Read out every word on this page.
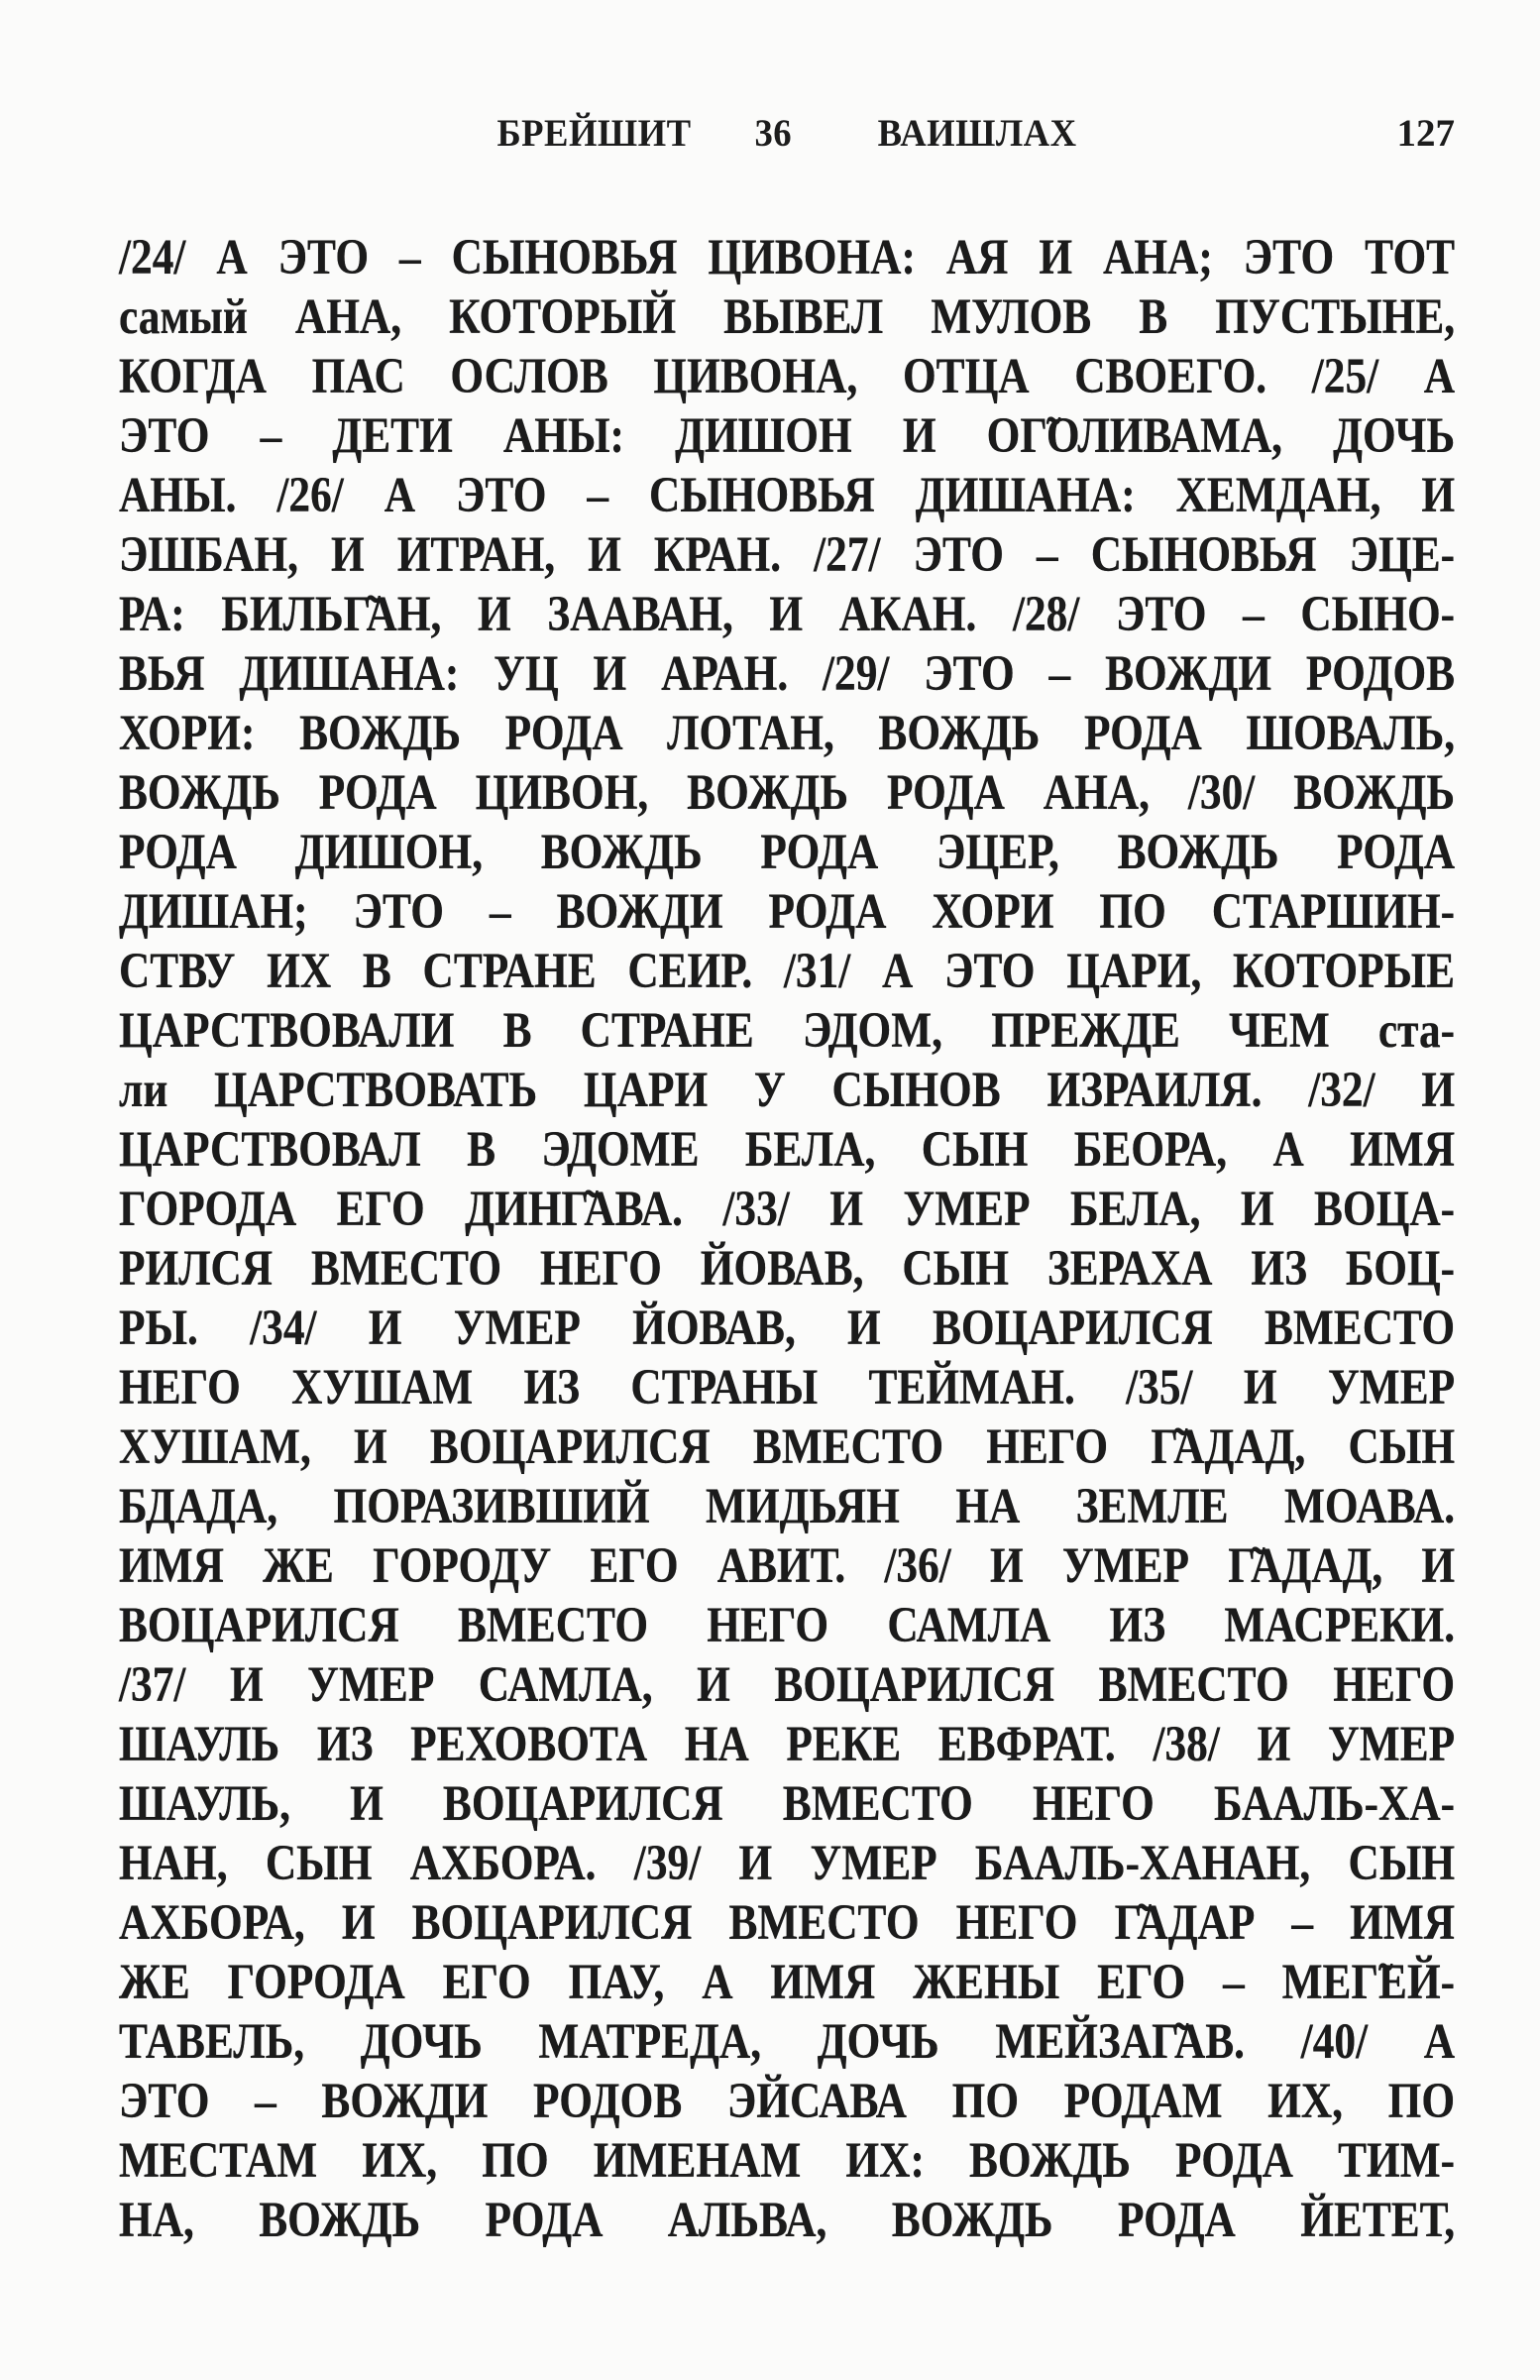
БРЕЙШИТ 36 ВАИШЛАХ	127

/24/ А ЭТО – СЫНОВЬЯ ЦИВОНА: АЯ И АНА; ЭТО ТОТ

самый АНА, КОТОРЫЙ ВЫВЕЛ МУЛОВ В ПУСТЫНЕ,

КОГДА ПАС ОСЛОВ ЦИВОНА, ОТЦА СВОЕГО. /25/ А

ЭТО – ДЕТИ АНЫ: ДИШОН И ОГ̃ОЛИВАМА, ДОЧЬ

АНЫ. /26/ А ЭТО – СЫНОВЬЯ ДИШАНА: ХЕМДАН, И

ЭШБАН, И ИТРАН, И КРАН. /27/ ЭТО – СЫНОВЬЯ ЭЦЕ-

РА: БИЛЬГ̃АН, И ЗААВАН, И АКАН. /28/ ЭТО – СЫНО-

ВЬЯ ДИШАНА: УЦ И АРАН. /29/ ЭТО – ВОЖДИ РОДОВ

ХОРИ: ВОЖДЬ РОДА ЛОТАН, ВОЖДЬ РОДА ШОВАЛЬ,

ВОЖДЬ РОДА ЦИВОН, ВОЖДЬ РОДА АНА, /30/ ВОЖДЬ

РОДА ДИШОН, ВОЖДЬ РОДА ЭЦЕР, ВОЖДЬ РОДА

ДИШАН; ЭТО – ВОЖДИ РОДА ХОРИ ПО СТАРШИН-

СТВУ ИХ В СТРАНЕ СЕИР. /31/ А ЭТО ЦАРИ, КОТОРЫЕ

ЦАРСТВОВАЛИ В СТРАНЕ ЭДОМ, ПРЕЖДЕ ЧЕМ ста-

ли ЦАРСТВОВАТЬ ЦАРИ У СЫНОВ ИЗРАИЛЯ. /32/ И

ЦАРСТВОВАЛ В ЭДОМЕ БЕЛА, СЫН БЕОРА, А ИМЯ

ГОРОДА ЕГО ДИНГ̃АВА. /33/ И УМЕР БЕЛА, И ВОЦА-

РИЛСЯ ВМЕСТО НЕГО ЙОВАВ, СЫН ЗЕРАХА ИЗ БОЦ-

РЫ. /34/ И УМЕР ЙОВАВ, И ВОЦАРИЛСЯ ВМЕСТО

НЕГО ХУШАМ ИЗ СТРАНЫ ТЕЙМАН. /35/ И УМЕР

ХУШАМ, И ВОЦАРИЛСЯ ВМЕСТО НЕГО Г̃АДАД, СЫН

БДАДА, ПОРАЗИВШИЙ МИДЬЯН НА ЗЕМЛЕ МОАВА.

ИМЯ ЖЕ ГОРОДУ ЕГО АВИТ. /36/ И УМЕР Г̃АДАД, И

ВОЦАРИЛСЯ ВМЕСТО НЕГО САМЛА ИЗ МАСРЕКИ.

/37/ И УМЕР САМЛА, И ВОЦАРИЛСЯ ВМЕСТО НЕГО

ШАУЛЬ ИЗ РЕХОВОТА НА РЕКЕ ЕВФРАТ. /38/ И УМЕР

ШАУЛЬ, И ВОЦАРИЛСЯ ВМЕСТО НЕГО БААЛЬ-ХА-

НАН, СЫН АХБОРА. /39/ И УМЕР БААЛЬ-ХАНАН, СЫН

АХБОРА, И ВОЦАРИЛСЯ ВМЕСТО НЕГО Г̃АДАР – ИМЯ

ЖЕ ГОРОДА ЕГО ПАУ, А ИМЯ ЖЕНЫ ЕГО – МЕГ̃ЕЙ-

ТАВЕЛЬ, ДОЧЬ МАТРЕДА, ДОЧЬ МЕЙЗАГ̃АВ. /40/ А

ЭТО – ВОЖДИ РОДОВ ЭЙСАВА ПО РОДАМ ИХ, ПО

МЕСТАМ ИХ, ПО ИМЕНАМ ИХ: ВОЖДЬ РОДА ТИМ-

НА, ВОЖДЬ РОДА АЛЬВА, ВОЖДЬ РОДА ЙЕТЕТ,
